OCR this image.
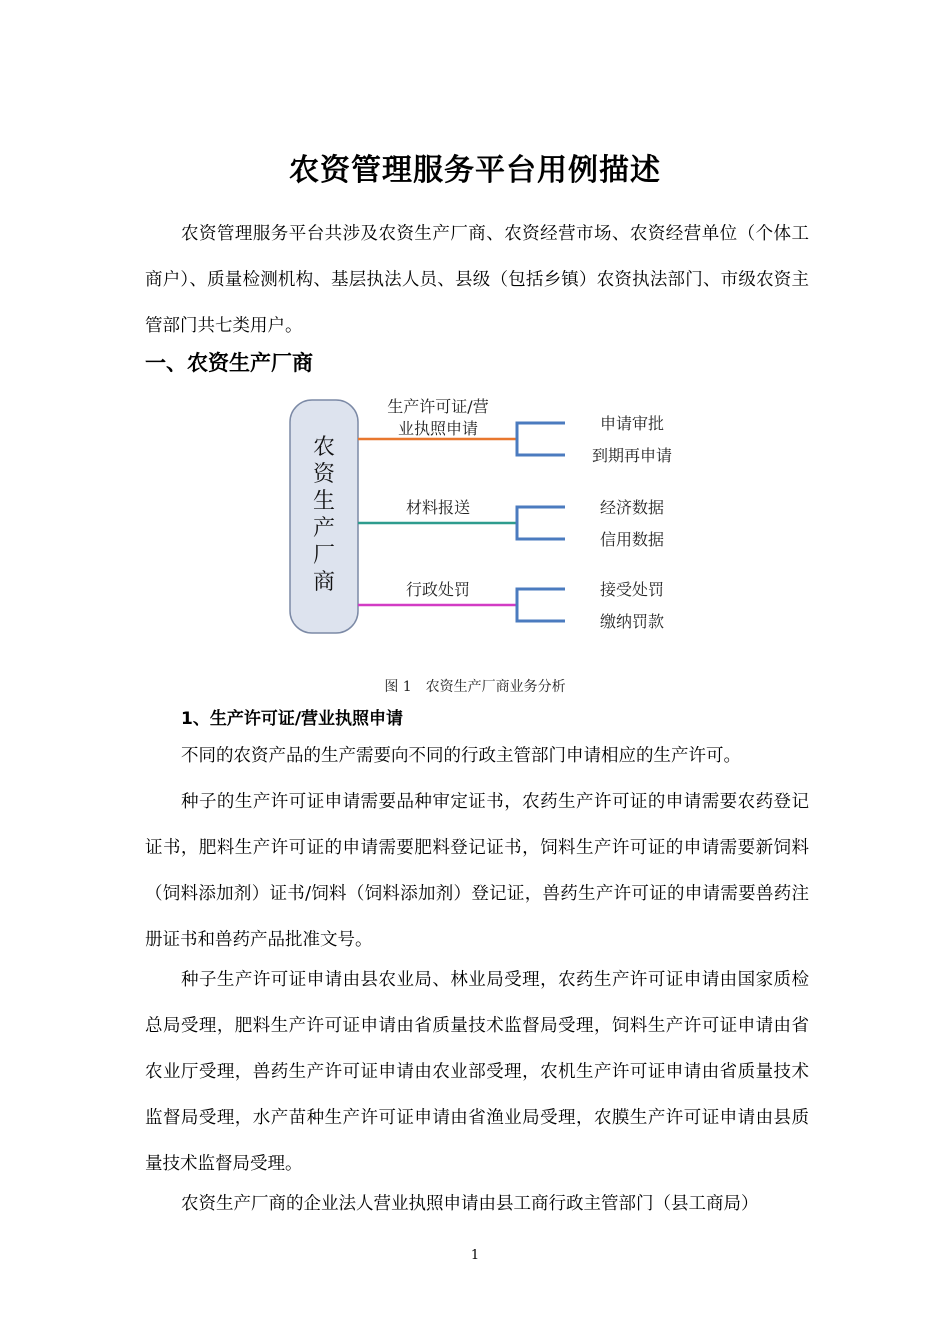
农资管理服务平台用例描述

农资管理服务平台共涉及农资生产厂商、农资经营市场、农资经营单位（个体工商户）、质量检测机构、基层执法人员、县级（包括乡镇）农资执法部门、市级农资主管部门共七类用户。

一、农资生产厂商
农
资
生
产
厂
商
生产许可证/营
业执照申请	申请审批
到期再申请
材料报送	经济数据
信用数据
行政处罚	接受处罚
缴纳罚款
图 1 农资生产厂商业务分析
1、生产许可证/营业执照申请

不同的农资产品的生产需要向不同的行政主管部门申请相应的生产许可。

种子的生产许可证申请需要品种审定证书，农药生产许可证的申请需要农药登记证书，肥料生产许可证的申请需要肥料登记证书，饲料生产许可证的申请需要新饲料（饲料添加剂）证书/饲料（饲料添加剂）登记证，兽药生产许可证的申请需要兽药注册证书和兽药产品批准文号。

种子生产许可证申请由县农业局、林业局受理，农药生产许可证申请由国家质检总局受理，肥料生产许可证申请由省质量技术监督局受理，饲料生产许可证申请由省农业厅受理，兽药生产许可证申请由农业部受理，农机生产许可证申请由省质量技术监督局受理，水产苗种生产许可证申请由省渔业局受理，农膜生产许可证申请由县质量技术监督局受理。

农资生产厂商的企业法人营业执照申请由县工商行政主管部门（县工商局）

1
